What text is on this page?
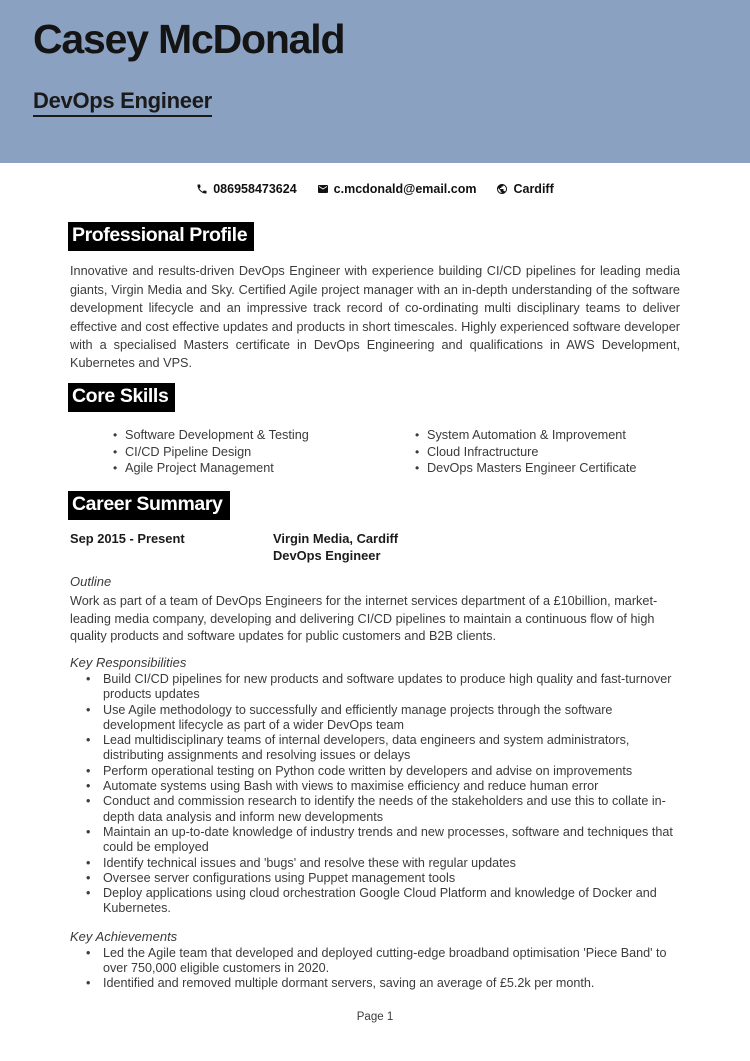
Casey McDonald

DevOps Engineer
086958473624	c.mcdonald@email.com	Cardiff
Professional Profile

Innovative and results-driven DevOps Engineer with experience building CI/CD pipelines for leading media giants, Virgin Media and Sky. Certified Agile project manager with an in-depth understanding of the software development lifecycle and an impressive track record of co-ordinating multi disciplinary teams to deliver effective and cost effective updates and products in short timescales. Highly experienced software developer with a specialised Masters certificate in DevOps Engineering and qualifications in AWS Development, Kubernetes and VPS.

Core Skills
• Software Development & Testing
• CI/CD Pipeline Design
• Agile Project Management
• System Automation & Improvement
• Cloud Infractructure
• DevOps Masters Engineer Certificate
Career Summary
Sep 2015 - Present	Virgin Media, Cardiff
DevOps Engineer
Outline

Work as part of a team of DevOps Engineers for the internet services department of a £10billion, market-leading media company, developing and delivering CI/CD pipelines to maintain a continuous flow of high quality products and software updates for public customers and B2B clients.

Key Responsibilities
• Build CI/CD pipelines for new products and software updates to produce high quality and fast-turnover products updates
• Use Agile methodology to successfully and efficiently manage projects through the software development lifecycle as part of a wider DevOps team
• Lead multidisciplinary teams of internal developers, data engineers and system administrators, distributing assignments and resolving issues or delays
• Perform operational testing on Python code written by developers and advise on improvements
• Automate systems using Bash with views to maximise efficiency and reduce human error
• Conduct and commission research to identify the needs of the stakeholders and use this to collate in-depth data analysis and inform new developments
• Maintain an up-to-date knowledge of industry trends and new processes, software and techniques that could be employed
• Identify technical issues and 'bugs' and resolve these with regular updates
• Oversee server configurations using Puppet management tools
• Deploy applications using cloud orchestration Google Cloud Platform and knowledge of Docker and Kubernetes.
Key Achievements
• Led the Agile team that developed and deployed cutting-edge broadband optimisation 'Piece Band' to over 750,000 eligible customers in 2020.
• Identified and removed multiple dormant servers, saving an average of £5.2k per month.
Page 1
